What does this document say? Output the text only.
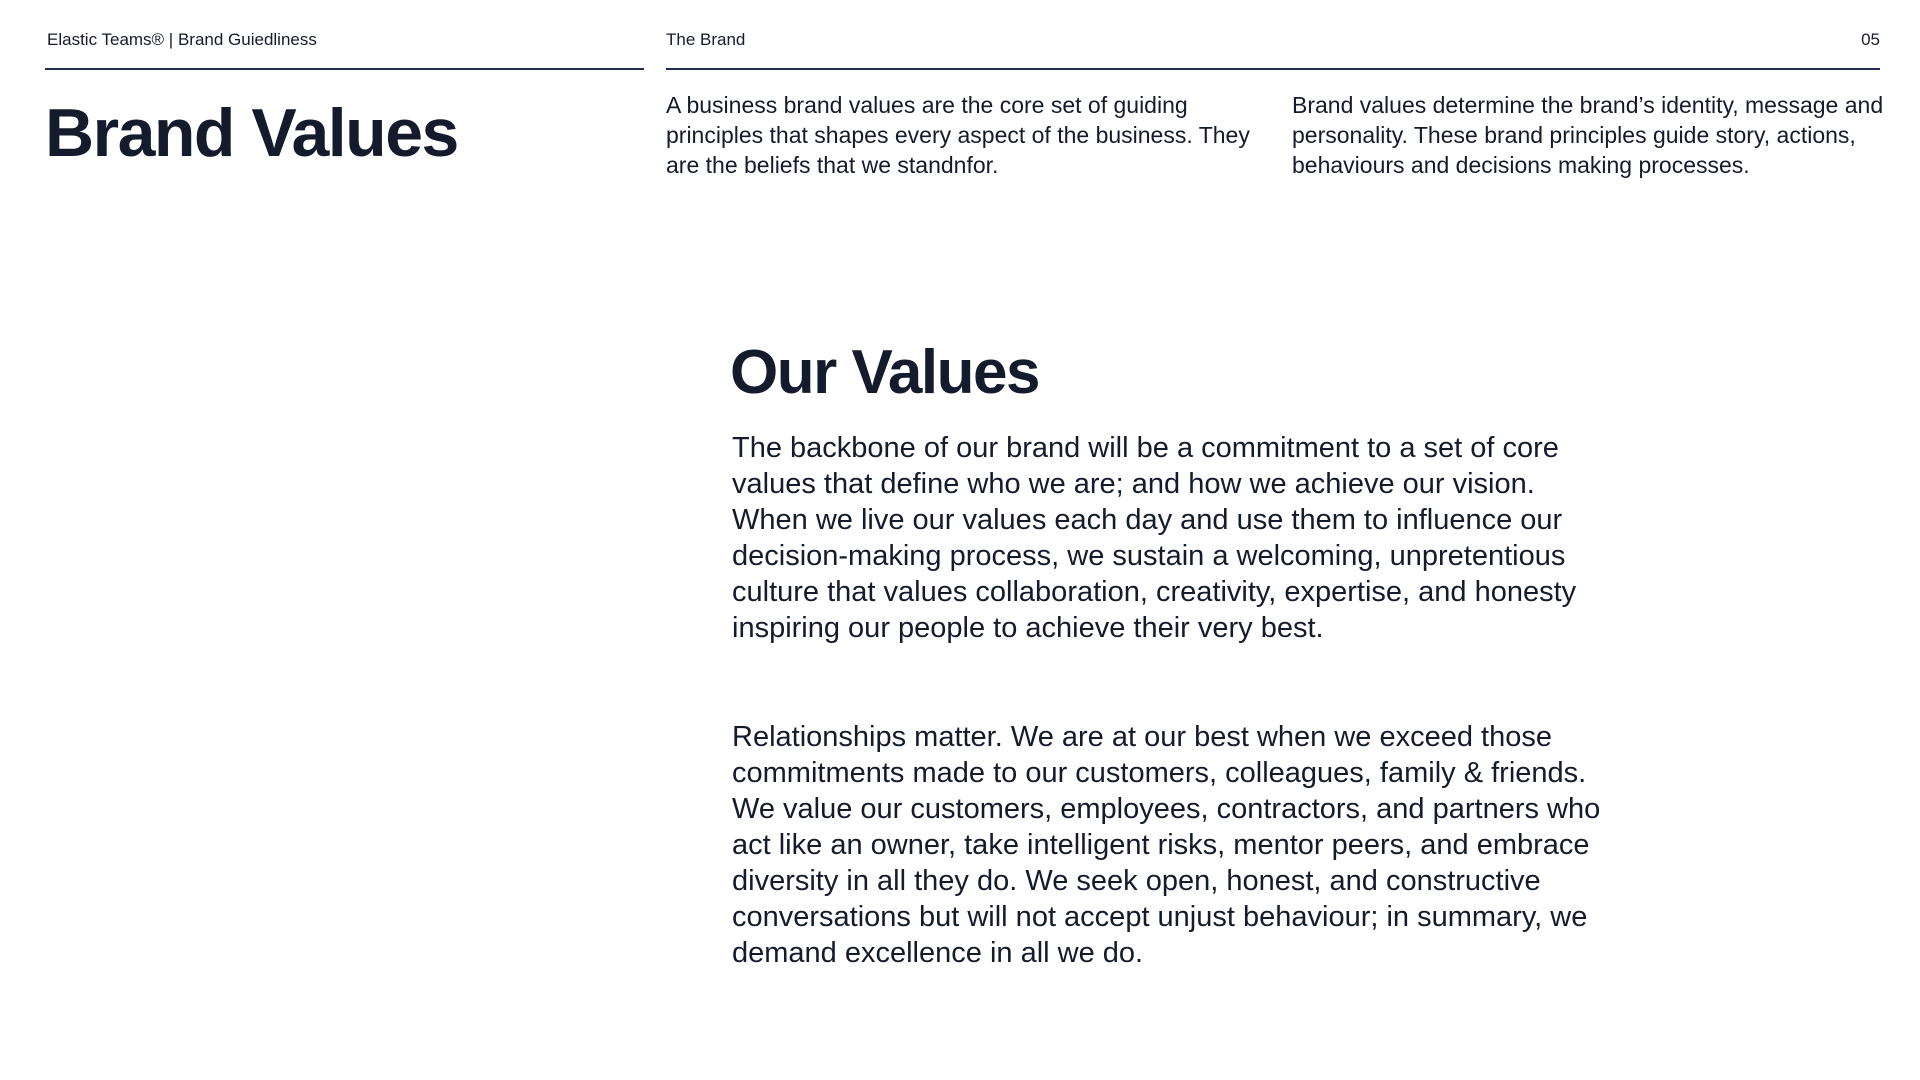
Elastic Teams® | Brand Guiedliness	The Brand	05
Brand Values	A business brand values are the core set of guiding principles that shapes every aspect of the business. They are the beliefs that we standnfor.

Brand values determine the brand’s identity, message and personality. These brand principles guide story, actions, behaviours and decisions making processes.

Our Values

The backbone of our brand will be a commitment to a set of core values that define who we are; and how we achieve our vision. When we live our values each day and use them to influence our decision-making process, we sustain a welcoming, unpretentious culture that values collaboration, creativity, expertise, and honesty inspiring our people to achieve their very best.

Relationships matter. We are at our best when we exceed those commitments made to our customers, colleagues, family & friends. We value our customers, employees, contractors, and partners who act like an owner, take intelligent risks, mentor peers, and embrace diversity in all they do. We seek open, honest, and constructive conversations but will not accept unjust behaviour; in summary, we demand excellence in all we do.
